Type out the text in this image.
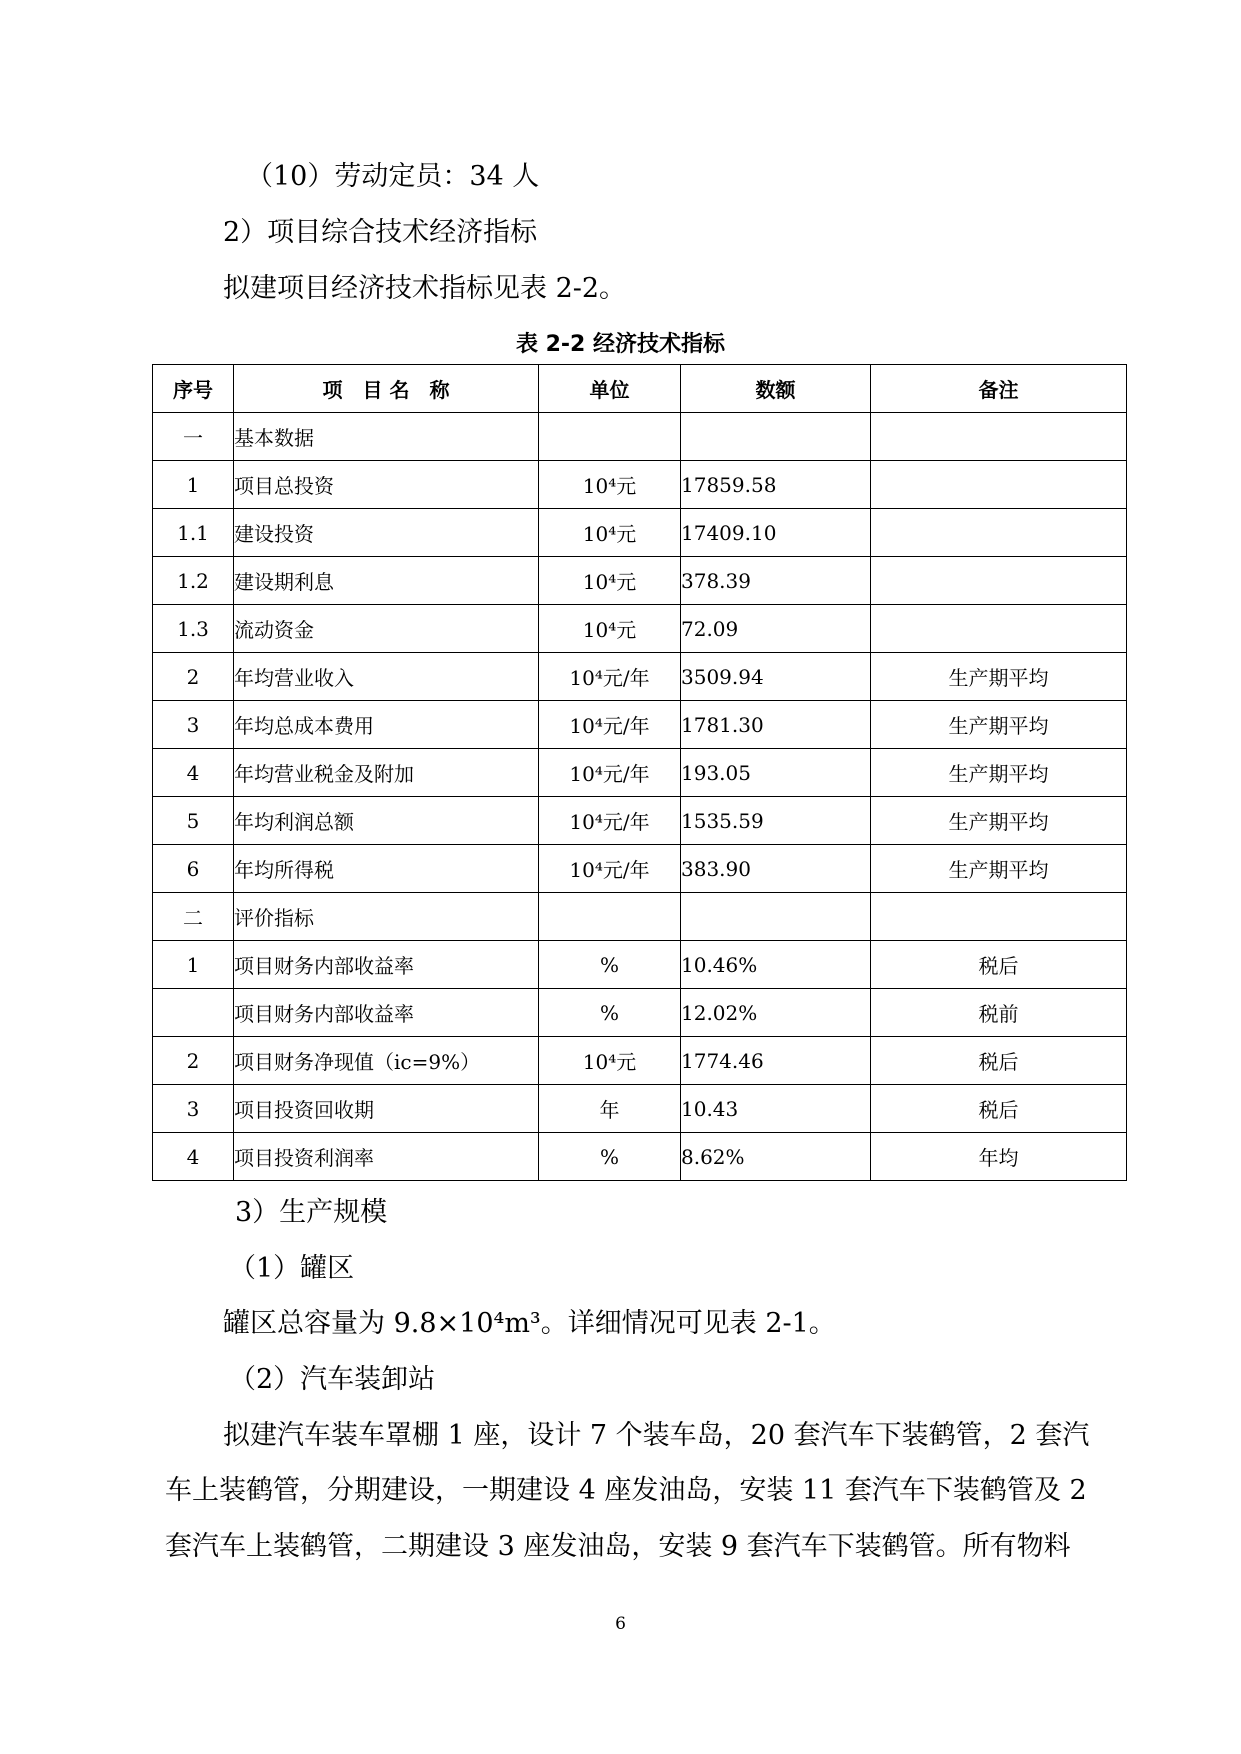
（10）劳动定员：34 人
2）项目综合技术经济指标
拟建项目经济技术指标见表 2-2。
表 2-2 经济技术指标
序号	项　目 名　称	单位	数额	备注
一	基本数据			
1	项目总投资	10⁴元	17859.58	
1.1	建设投资	10⁴元	17409.10	
1.2	建设期利息	10⁴元	378.39	
1.3	流动资金	10⁴元	72.09	
2	年均营业收入	10⁴元/年	3509.94	生产期平均
3	年均总成本费用	10⁴元/年	1781.30	生产期平均
4	年均营业税金及附加	10⁴元/年	193.05	生产期平均
5	年均利润总额	10⁴元/年	1535.59	生产期平均
6	年均所得税	10⁴元/年	383.90	生产期平均
二	评价指标			
1	项目财务内部收益率	%	10.46%	税后
	项目财务内部收益率	%	12.02%	税前
2	项目财务净现值（ic=9%）	10⁴元	1774.46	税后
3	项目投资回收期	年	10.43	税后
4	项目投资利润率	%	8.62%	年均
3）生产规模
（1）罐区
罐区总容量为 9.8×10⁴m³。详细情况可见表 2-1。
（2）汽车装卸站
拟建汽车装车罩棚 1 座，设计 7 个装车岛，20 套汽车下装鹤管，2 套汽
车上装鹤管，分期建设，一期建设 4 座发油岛，安装 11 套汽车下装鹤管及 2
套汽车上装鹤管，二期建设 3 座发油岛，安装 9 套汽车下装鹤管。所有物料
6
